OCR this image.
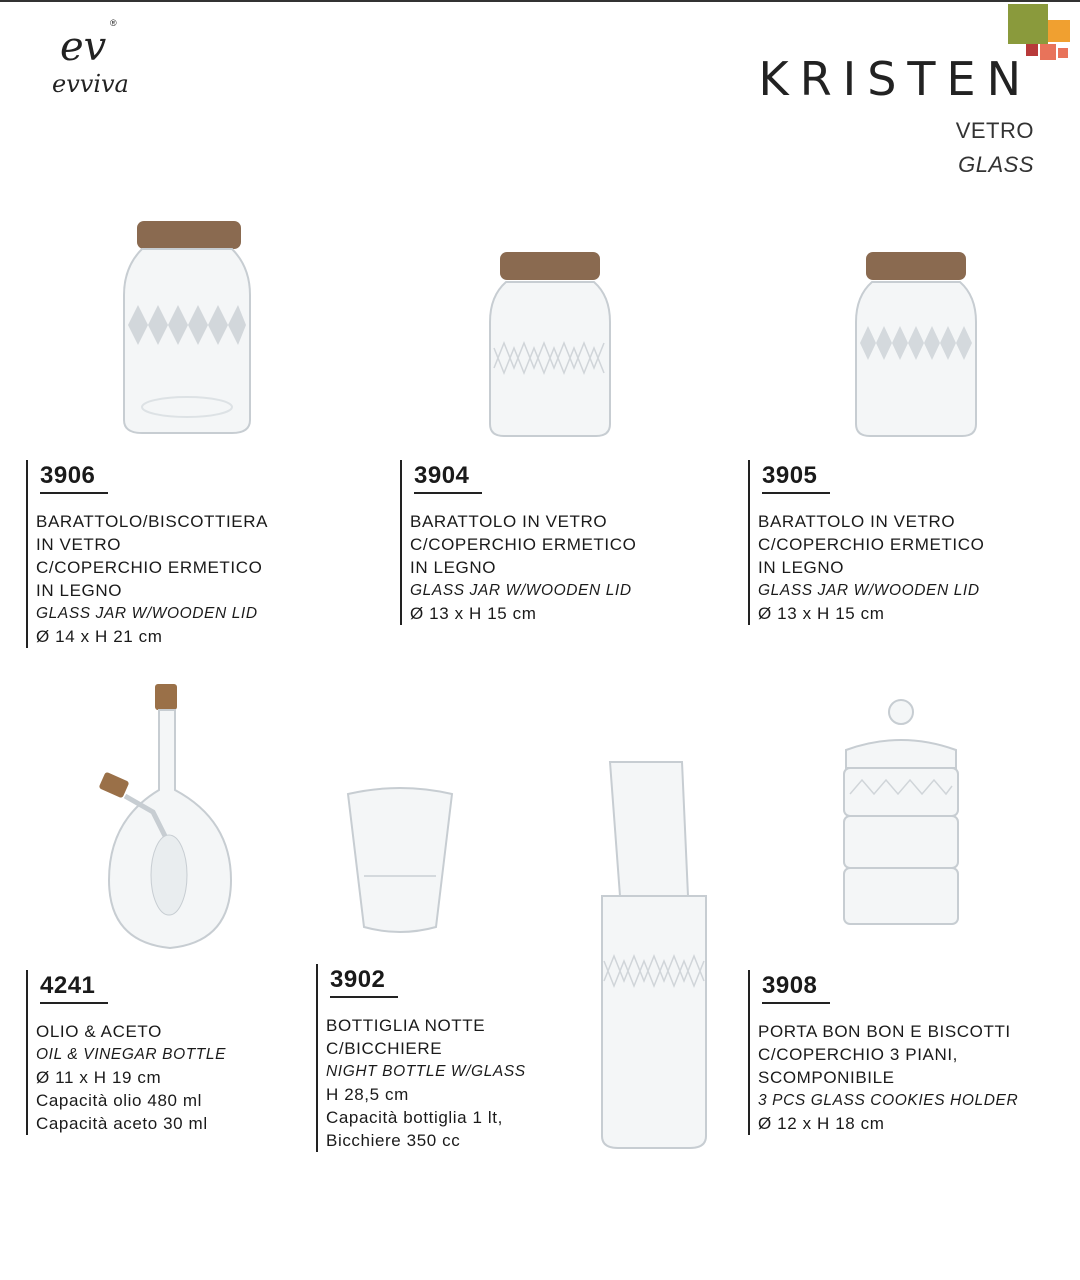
ev
®
evviva	KRISTEN
VETRO
GLASS
3906
BARATTOLO/BISCOTTIERA
IN VETRO
C/COPERCHIO ERMETICO
IN LEGNO
GLASS JAR W/WOODEN LID
Ø 14 x H 21 cm
3904
BARATTOLO IN VETRO
C/COPERCHIO ERMETICO
IN LEGNO
GLASS JAR W/WOODEN LID
Ø 13 x H 15 cm
3905
BARATTOLO IN VETRO
C/COPERCHIO ERMETICO
IN LEGNO
GLASS JAR W/WOODEN LID
Ø 13 x H 15 cm
4241
OLIO & ACETO
OIL & VINEGAR BOTTLE
Ø 11 x H 19 cm
Capacità olio 480 ml
Capacità aceto 30 ml
3902
BOTTIGLIA NOTTE
C/BICCHIERE
NIGHT BOTTLE W/GLASS
H 28,5 cm
Capacità bottiglia 1 lt,
Bicchiere 350 cc
3908
PORTA BON BON E BISCOTTI
C/COPERCHIO 3 PIANI,
SCOMPONIBILE
3 PCS GLASS COOKIES HOLDER
Ø 12 x H 18 cm
